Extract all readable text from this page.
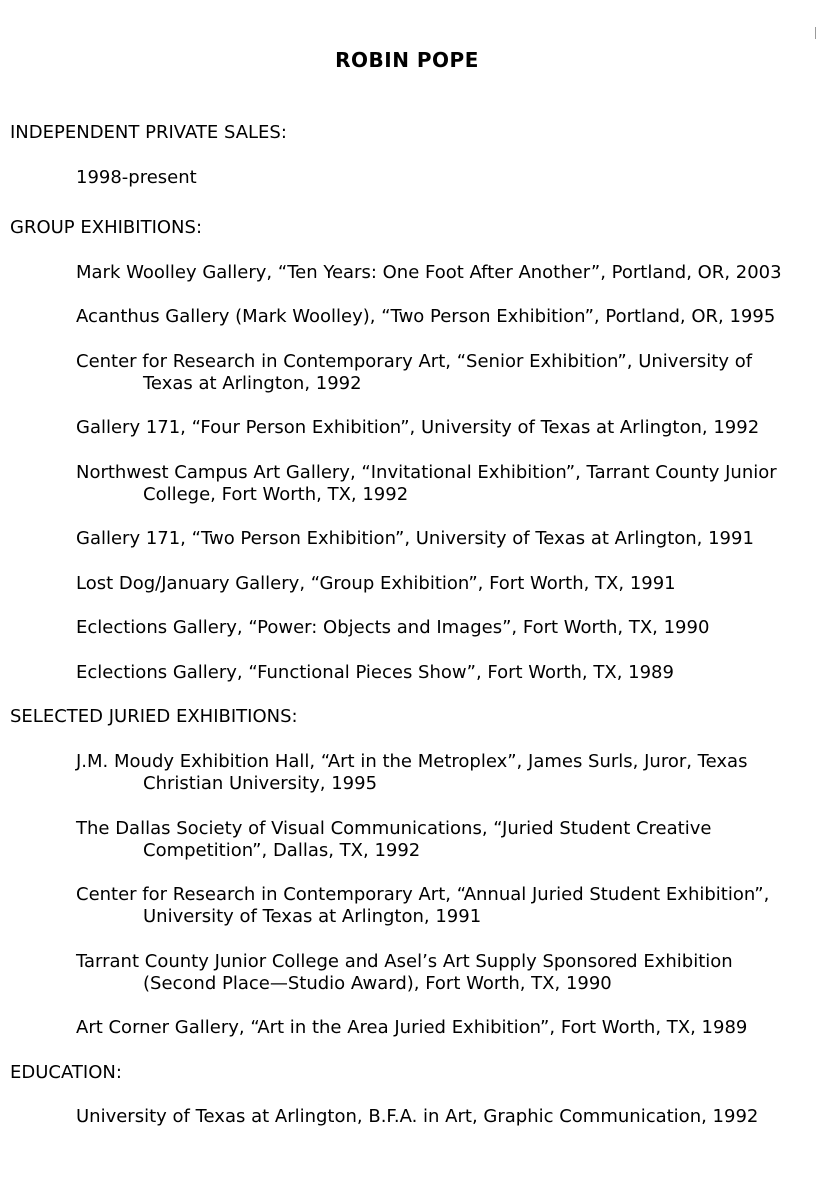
ROBIN POPE
INDEPENDENT PRIVATE SALES:
1998-present
GROUP EXHIBITIONS:
Mark Woolley Gallery, “Ten Years: One Foot After Another”, Portland, OR, 2003
Acanthus Gallery (Mark Woolley), “Two Person Exhibition”, Portland, OR, 1995
Center for Research in Contemporary Art, “Senior Exhibition”, University of
Texas at Arlington, 1992
Gallery 171, “Four Person Exhibition”, University of Texas at Arlington, 1992
Northwest Campus Art Gallery, “Invitational Exhibition”, Tarrant County Junior
College, Fort Worth, TX, 1992
Gallery 171, “Two Person Exhibition”, University of Texas at Arlington, 1991
Lost Dog/January Gallery, “Group Exhibition”, Fort Worth, TX, 1991
Eclections Gallery, “Power: Objects and Images”, Fort Worth, TX, 1990
Eclections Gallery, “Functional Pieces Show”, Fort Worth, TX, 1989
SELECTED JURIED EXHIBITIONS:
J.M. Moudy Exhibition Hall, “Art in the Metroplex”, James Surls, Juror, Texas
Christian University, 1995
The Dallas Society of Visual Communications, “Juried Student Creative
Competition”, Dallas, TX, 1992
Center for Research in Contemporary Art, “Annual Juried Student Exhibition”,
University of Texas at Arlington, 1991
Tarrant County Junior College and Asel’s Art Supply Sponsored Exhibition
(Second Place—Studio Award), Fort Worth, TX, 1990
Art Corner Gallery, “Art in the Area Juried Exhibition”, Fort Worth, TX, 1989
EDUCATION:
University of Texas at Arlington, B.F.A. in Art, Graphic Communication, 1992
